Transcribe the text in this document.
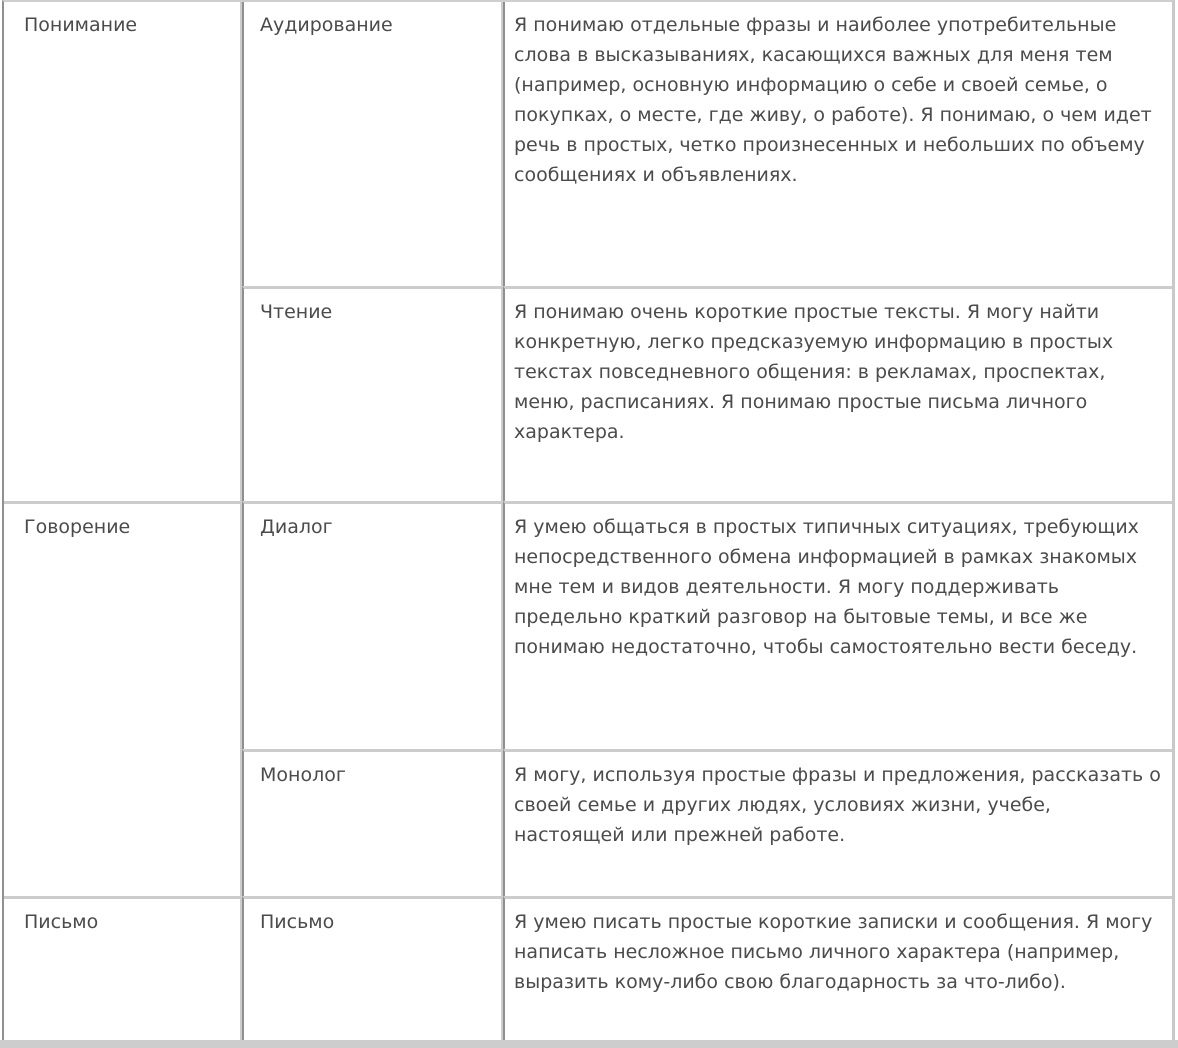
Понимание	Аудирование	Я понимаю отдельные фразы и наиболее употребительные слова в высказываниях, касающихся важных для меня тем (например, основную информацию о себе и своей семье, о покупках, о месте, где живу, о работе). Я понимаю, о чем идет речь в простых, четко произнесенных и небольших по объему сообщениях и объявлениях.
	Чтение	Я понимаю очень короткие простые тексты. Я могу найти конкретную, легко предсказуемую информацию в простых текстах повседневного общения: в рекламах, проспектах, меню, расписаниях. Я понимаю простые письма личного характера.
Говорение	Диалог	Я умею общаться в простых типичных ситуациях, требующих непосредственного обмена информацией в рамках знакомых мне тем и видов деятельности. Я могу поддерживать предельно краткий разговор на бытовые темы, и все же понимаю недостаточно, чтобы самостоятельно вести беседу.
	Монолог	Я могу, используя простые фразы и предложения, рассказать о своей семье и других людях, условиях жизни, учебе, настоящей или прежней работе.
Письмо	Письмо	Я умею писать простые короткие записки и сообщения. Я могу написать несложное письмо личного характера (например, выразить кому-либо свою благодарность за что-либо).
